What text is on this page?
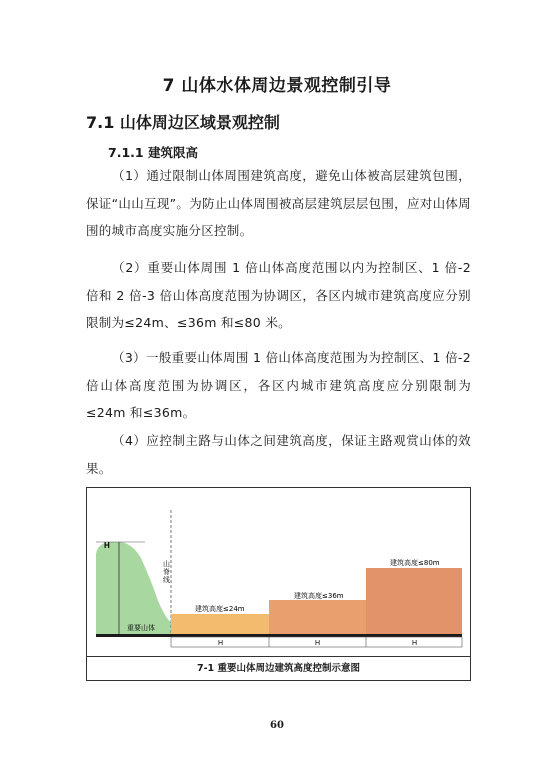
7 山体水体周边景观控制引导
7.1 山体周边区域景观控制
7.1.1 建筑限高
（1）通过限制山体周围建筑高度，避免山体被高层建筑包围，保证“山山互现”。为防止山体周围被高层建筑层层包围，应对山体周围的城市高度实施分区控制。
（2）重要山体周围 1 倍山体高度范围以内为控制区、1 倍-2 倍和 2 倍-3 倍山体高度范围为协调区，各区内城市建筑高度应分别限制为≤24m、≤36m 和≤80 米。
（3）一般重要山体周围 1 倍山体高度范围为为控制区、1 倍-2 倍山体高度范围为协调区，各区内城市建筑高度应分别限制为≤24m 和≤36m。
（4）应控制主路与山体之间建筑高度，保证主路观赏山体的效果。
H
重要山体
山 脊 线
建筑高度≤24m
建筑高度≤36m
建筑高度≤80m
H	H	H
7-1 重要山体周边建筑高度控制示意图
60
